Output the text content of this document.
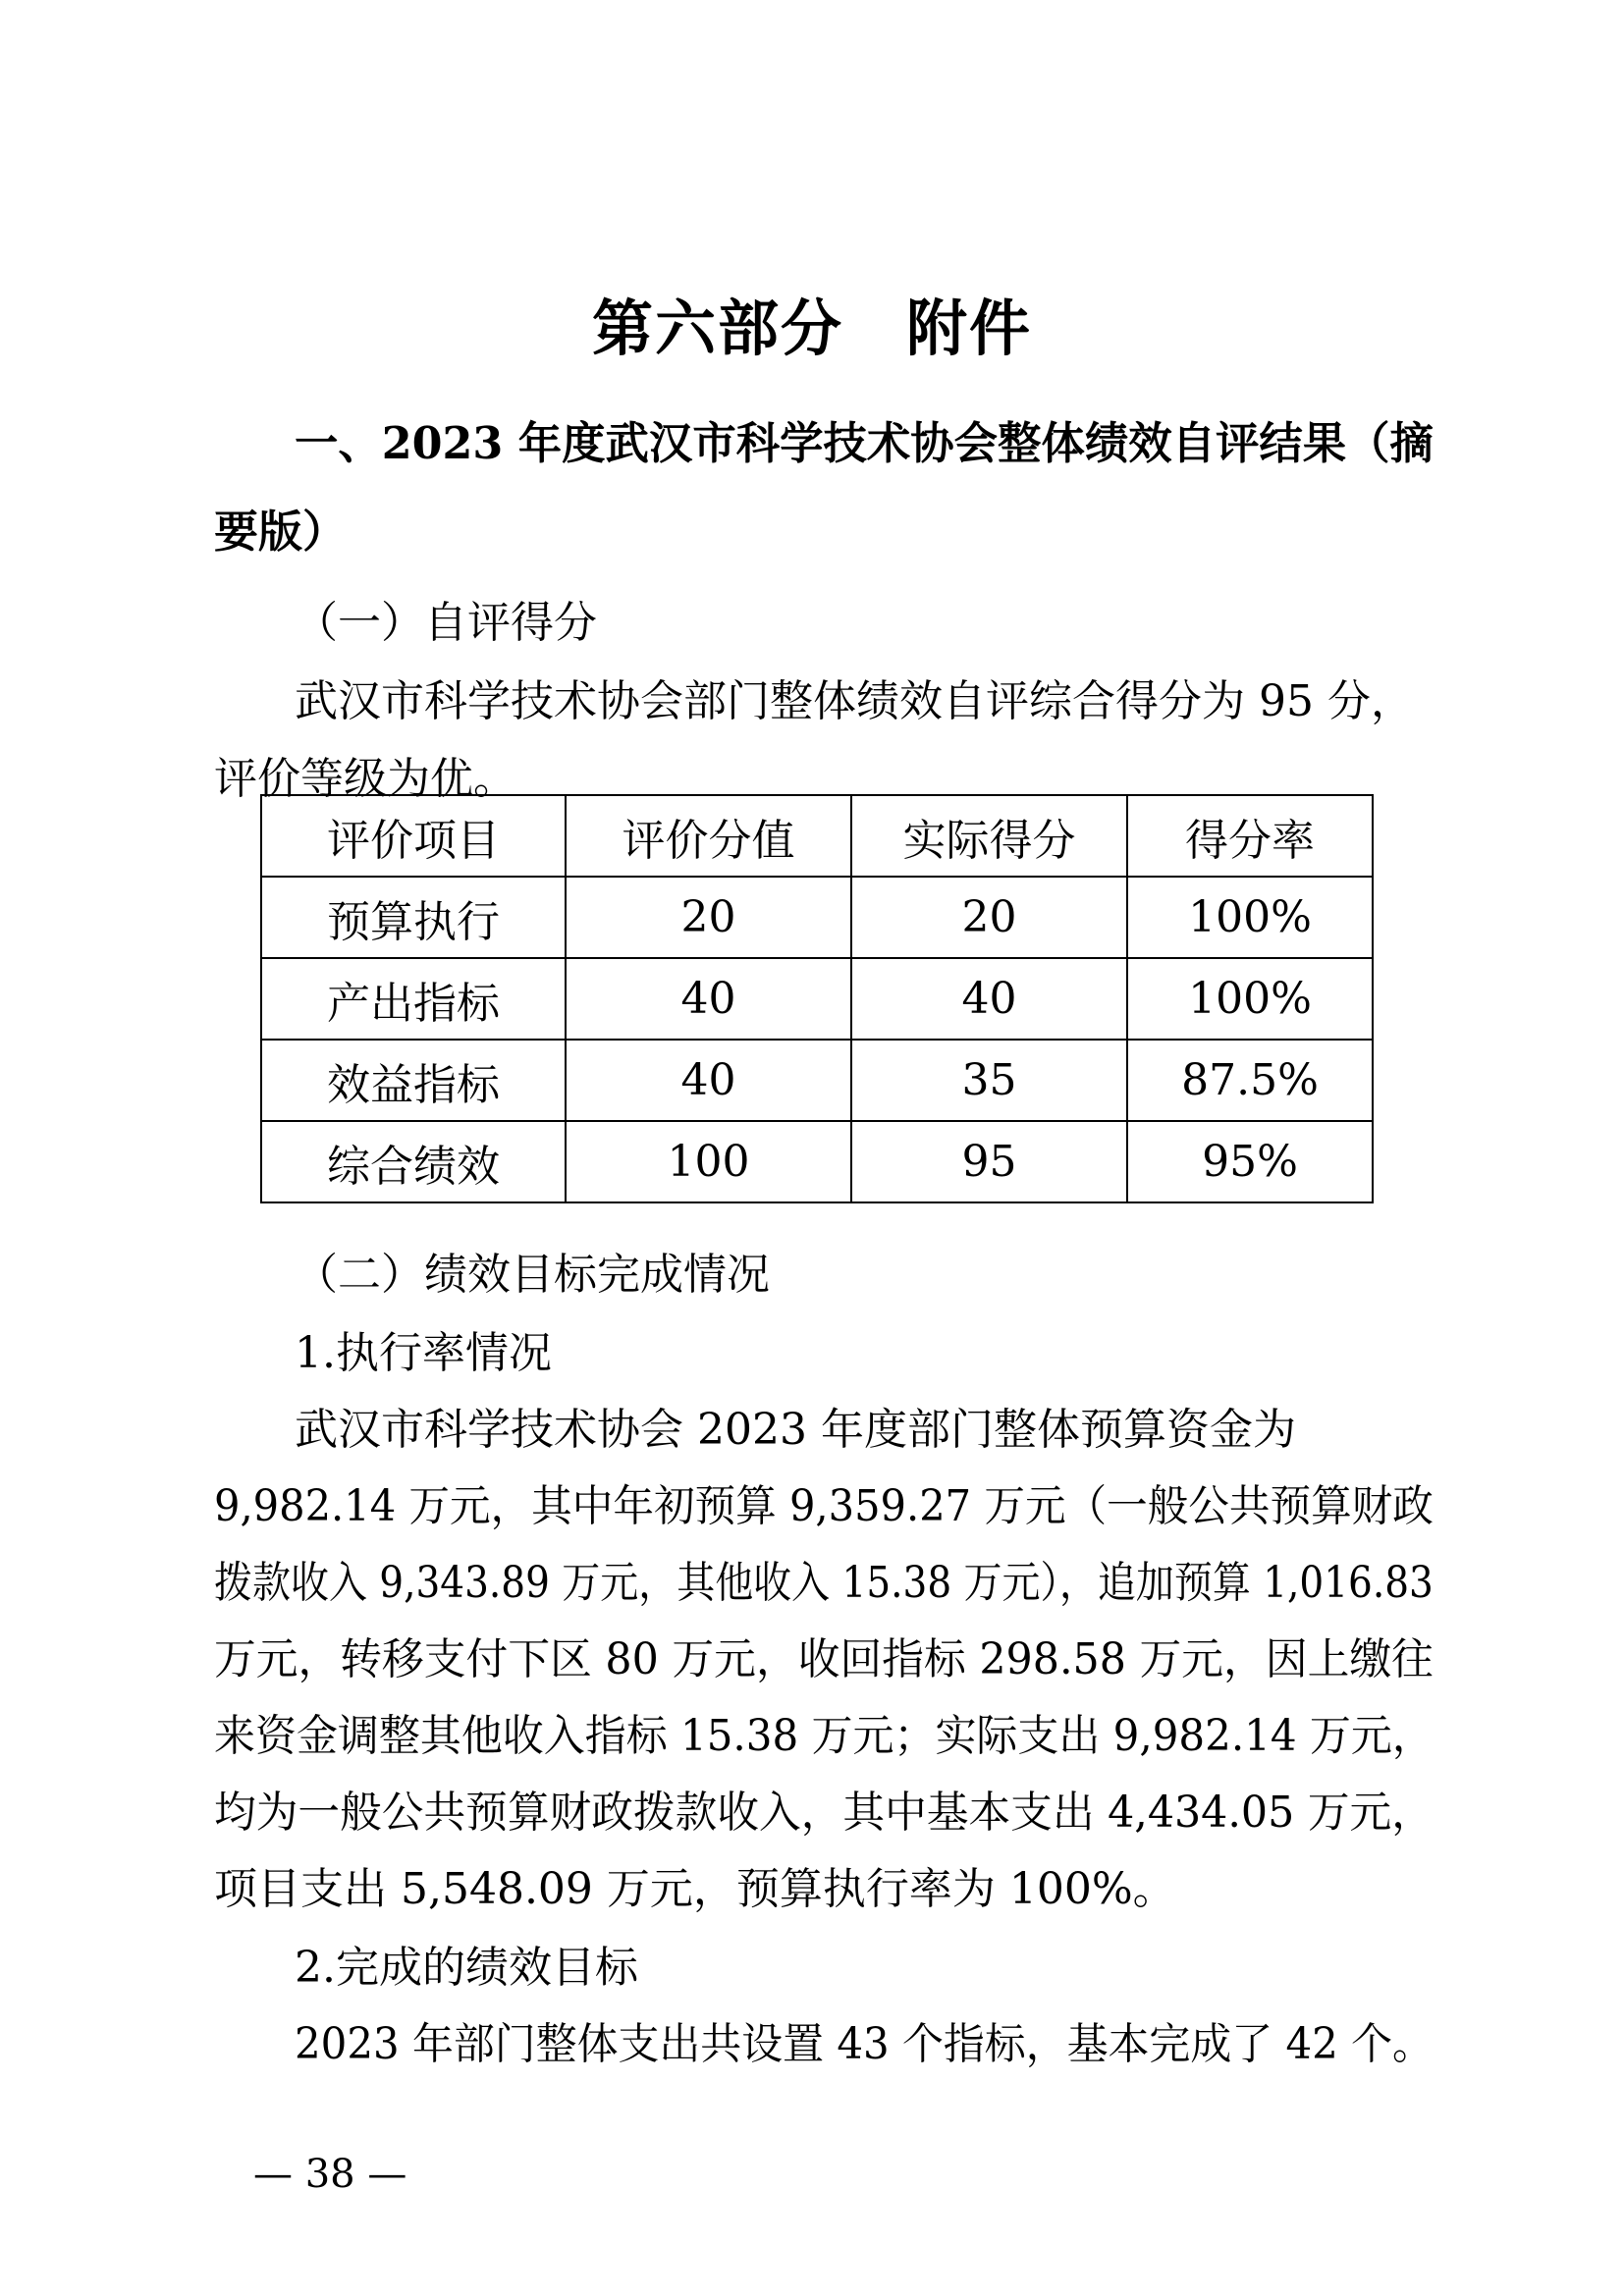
第六部分　附件
一、2023 年度武汉市科学技术协会整体绩效自评结果（摘
要版）
（一）自评得分
武汉市科学技术协会部门整体绩效自评综合得分为 95 分，
评价等级为优。
评价项目	评价分值	实际得分	得分率
预算执行	20	20	100%
产出指标	40	40	100%
效益指标	40	35	87.5%
综合绩效	100	95	95%
（二）绩效目标完成情况
1.执行率情况
武汉市科学技术协会 2023 年度部门整体预算资金为
9,982.14 万元，其中年初预算 9,359.27 万元（一般公共预算财政
拨款收入 9,343.89 万元，其他收入 15.38 万元），追加预算 1,016.83
万元，转移支付下区 80 万元，收回指标 298.58 万元，因上缴往
来资金调整其他收入指标 15.38 万元；实际支出 9,982.14 万元，
均为一般公共预算财政拨款收入，其中基本支出 4,434.05 万元，
项目支出 5,548.09 万元，预算执行率为 100%。
2.完成的绩效目标
2023 年部门整体支出共设置 43 个指标，基本完成了 42 个。
— 38 —
